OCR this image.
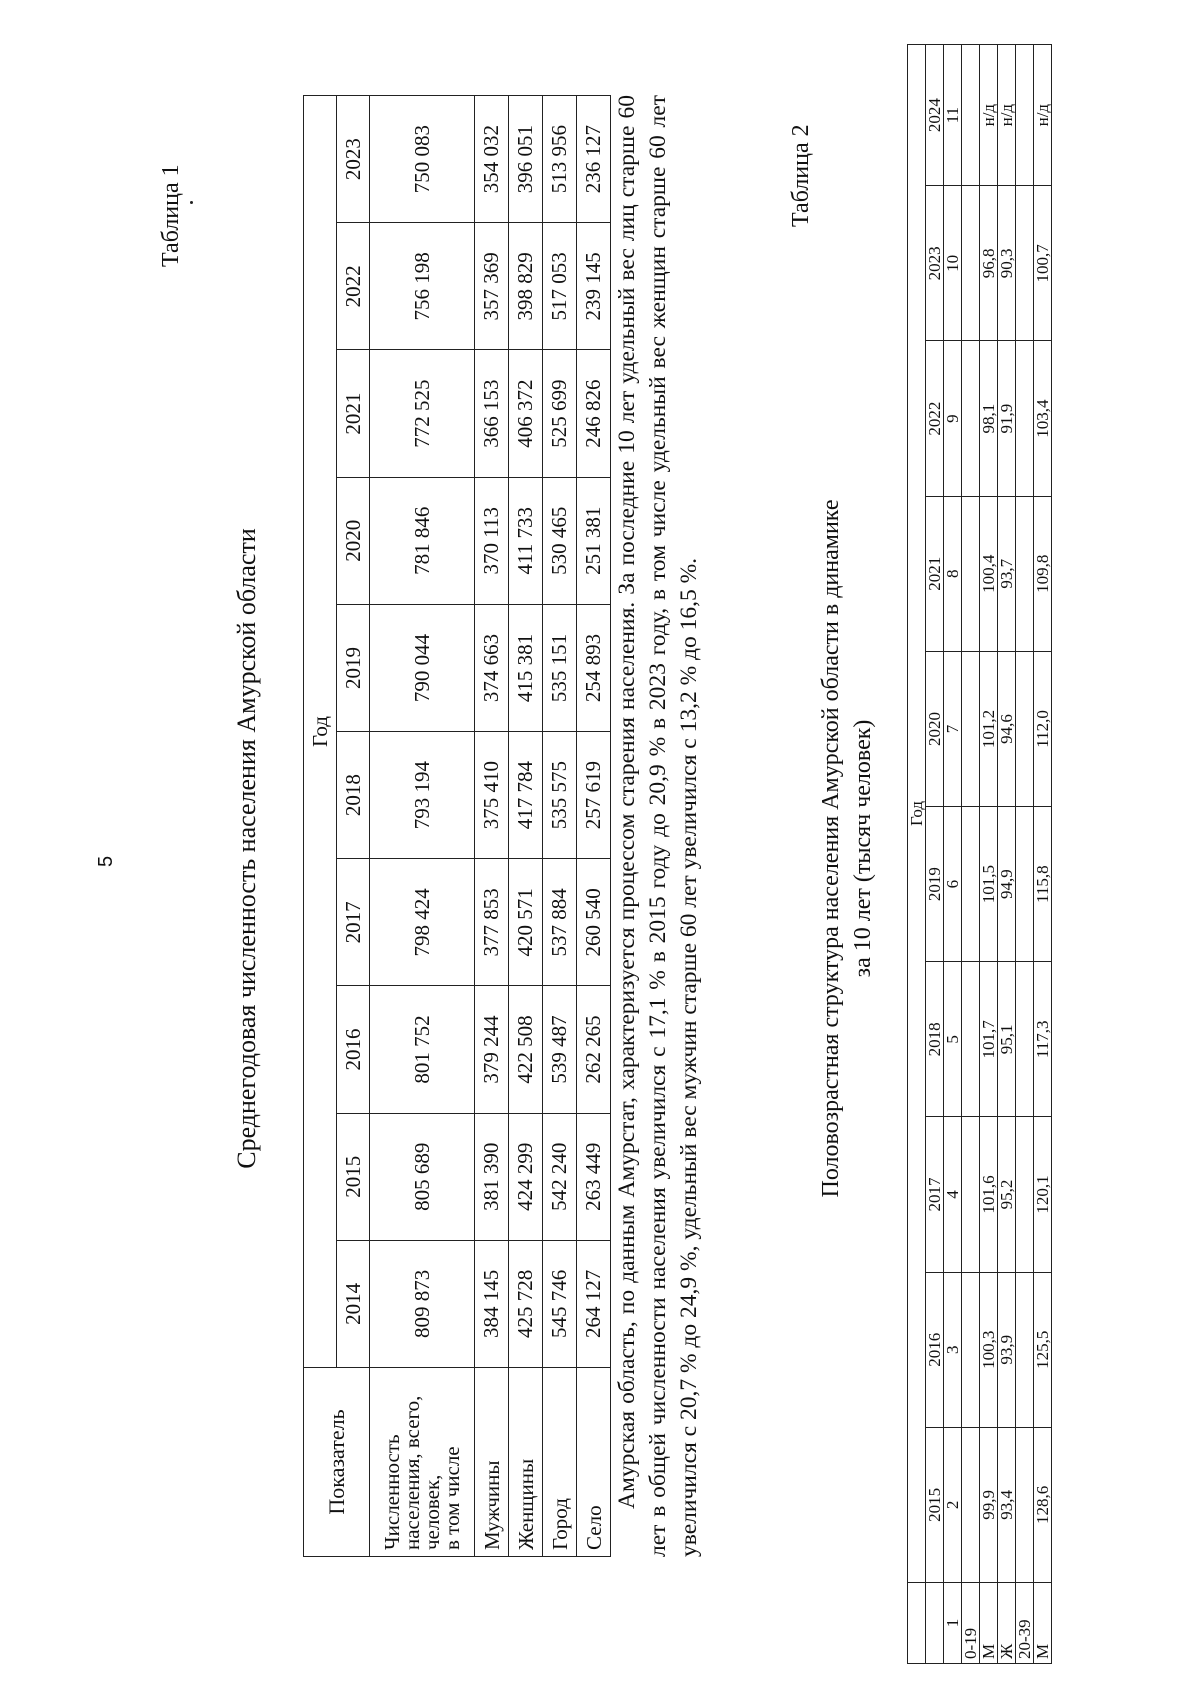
5
Таблица 1
Среднегодовая численность населения Амурской области
Показатель	Год									
	2014	2015	2016	2017	2018	2019	2020	2021	2022	2023

Численность
населения, всего,
человек,
в том числе	809 873	805 689	801 752	798 424	793 194	790 044	781 846	772 525	756 198	750 083

Мужчины	384 145	381 390	379 244	377 853	375 410	374 663	370 113	366 153	357 369	354 032

Женщины	425 728	424 299	422 508	420 571	417 784	415 381	411 733	406 372	398 829	396 051

Город	545 746	542 240	539 487	537 884	535 575	535 151	530 465	525 699	517 053	513 956

Село	264 127	263 449	262 265	260 540	257 619	254 893	251 381	246 826	239 145	236 127 Амурская область, по данным Амурстат, характеризуется процессом старения населения. За последние 10 лет удельный вес лиц старше 60 лет в общей численности населения увеличился с 17,1 % в 2015 году до 20,9 % в 2023 году, в том числе удельный вес женщин старше 60 лет увеличился с 20,7 % до 24,9 %, удельный вес мужчин старше 60 лет увеличился с 13,2 % до 16,5 %.

Таблица 2
Половозрастная структура населения Амурской области в динамике за 10 лет (тысяч человек)
	Год									
	2015	2016	2017	2018	2019	2020	2021	2022	2023	2024
1	2	3	4	5	6	7	8	9	10	11
0-19										
М	99,9	100,3	101,6	101,7	101,5	101,2	100,4	98,1	96,8	н/д
Ж	93,4	93,9	95,2	95,1	94,9	94,6	93,7	91,9	90,3	н/д
20-39										
М	128,6	125,5	120,1	117,3	115,8	112,0	109,8	103,4	100,7	н/д
